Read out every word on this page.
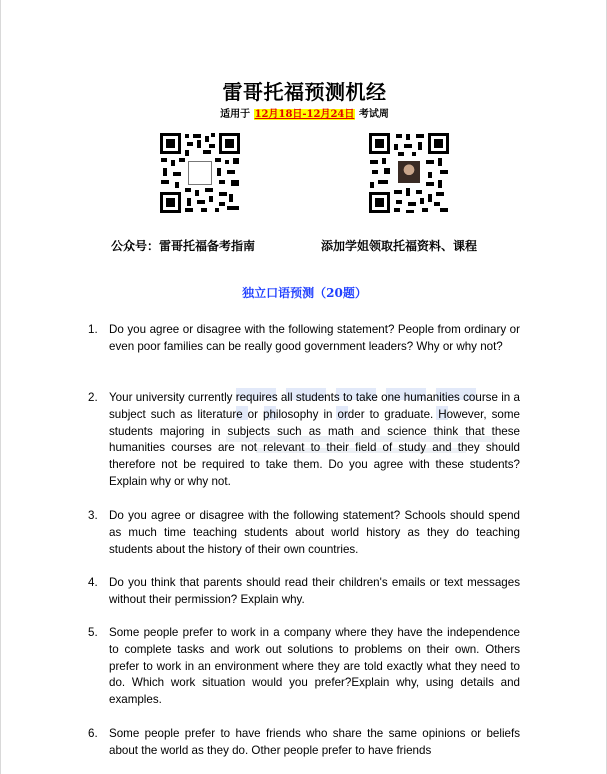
雷哥托福预测机经
适用于 12月18日-12月24日 考试周
公众号：雷哥托福备考指南	添加学姐领取托福资料、课程
独立口语预测（20题）
1. Do you agree or disagree with the following statement? People from ordinary or even poor families can be really good government leaders? Why or why not?
2. Your university currently requires all students to take one humanities course in a subject such as literature or philosophy in order to graduate. However, some students majoring in subjects such as math and science think that these humanities courses are not relevant to their field of study and they should therefore not be required to take them. Do you agree with these students? Explain why or why not.
3. Do you agree or disagree with the following statement? Schools should spend as much time teaching students about world history as they do teaching students about the history of their own countries.
4. Do you think that parents should read their children's emails or text messages without their permission? Explain why.
5. Some people prefer to work in a company where they have the independence to complete tasks and work out solutions to problems on their own. Others prefer to work in an environment where they are told exactly what they need to do. Which work situation would you prefer?Explain why, using details and examples.
6. Some people prefer to have friends who share the same opinions or beliefs about the world as they do. Other people prefer to have friends
